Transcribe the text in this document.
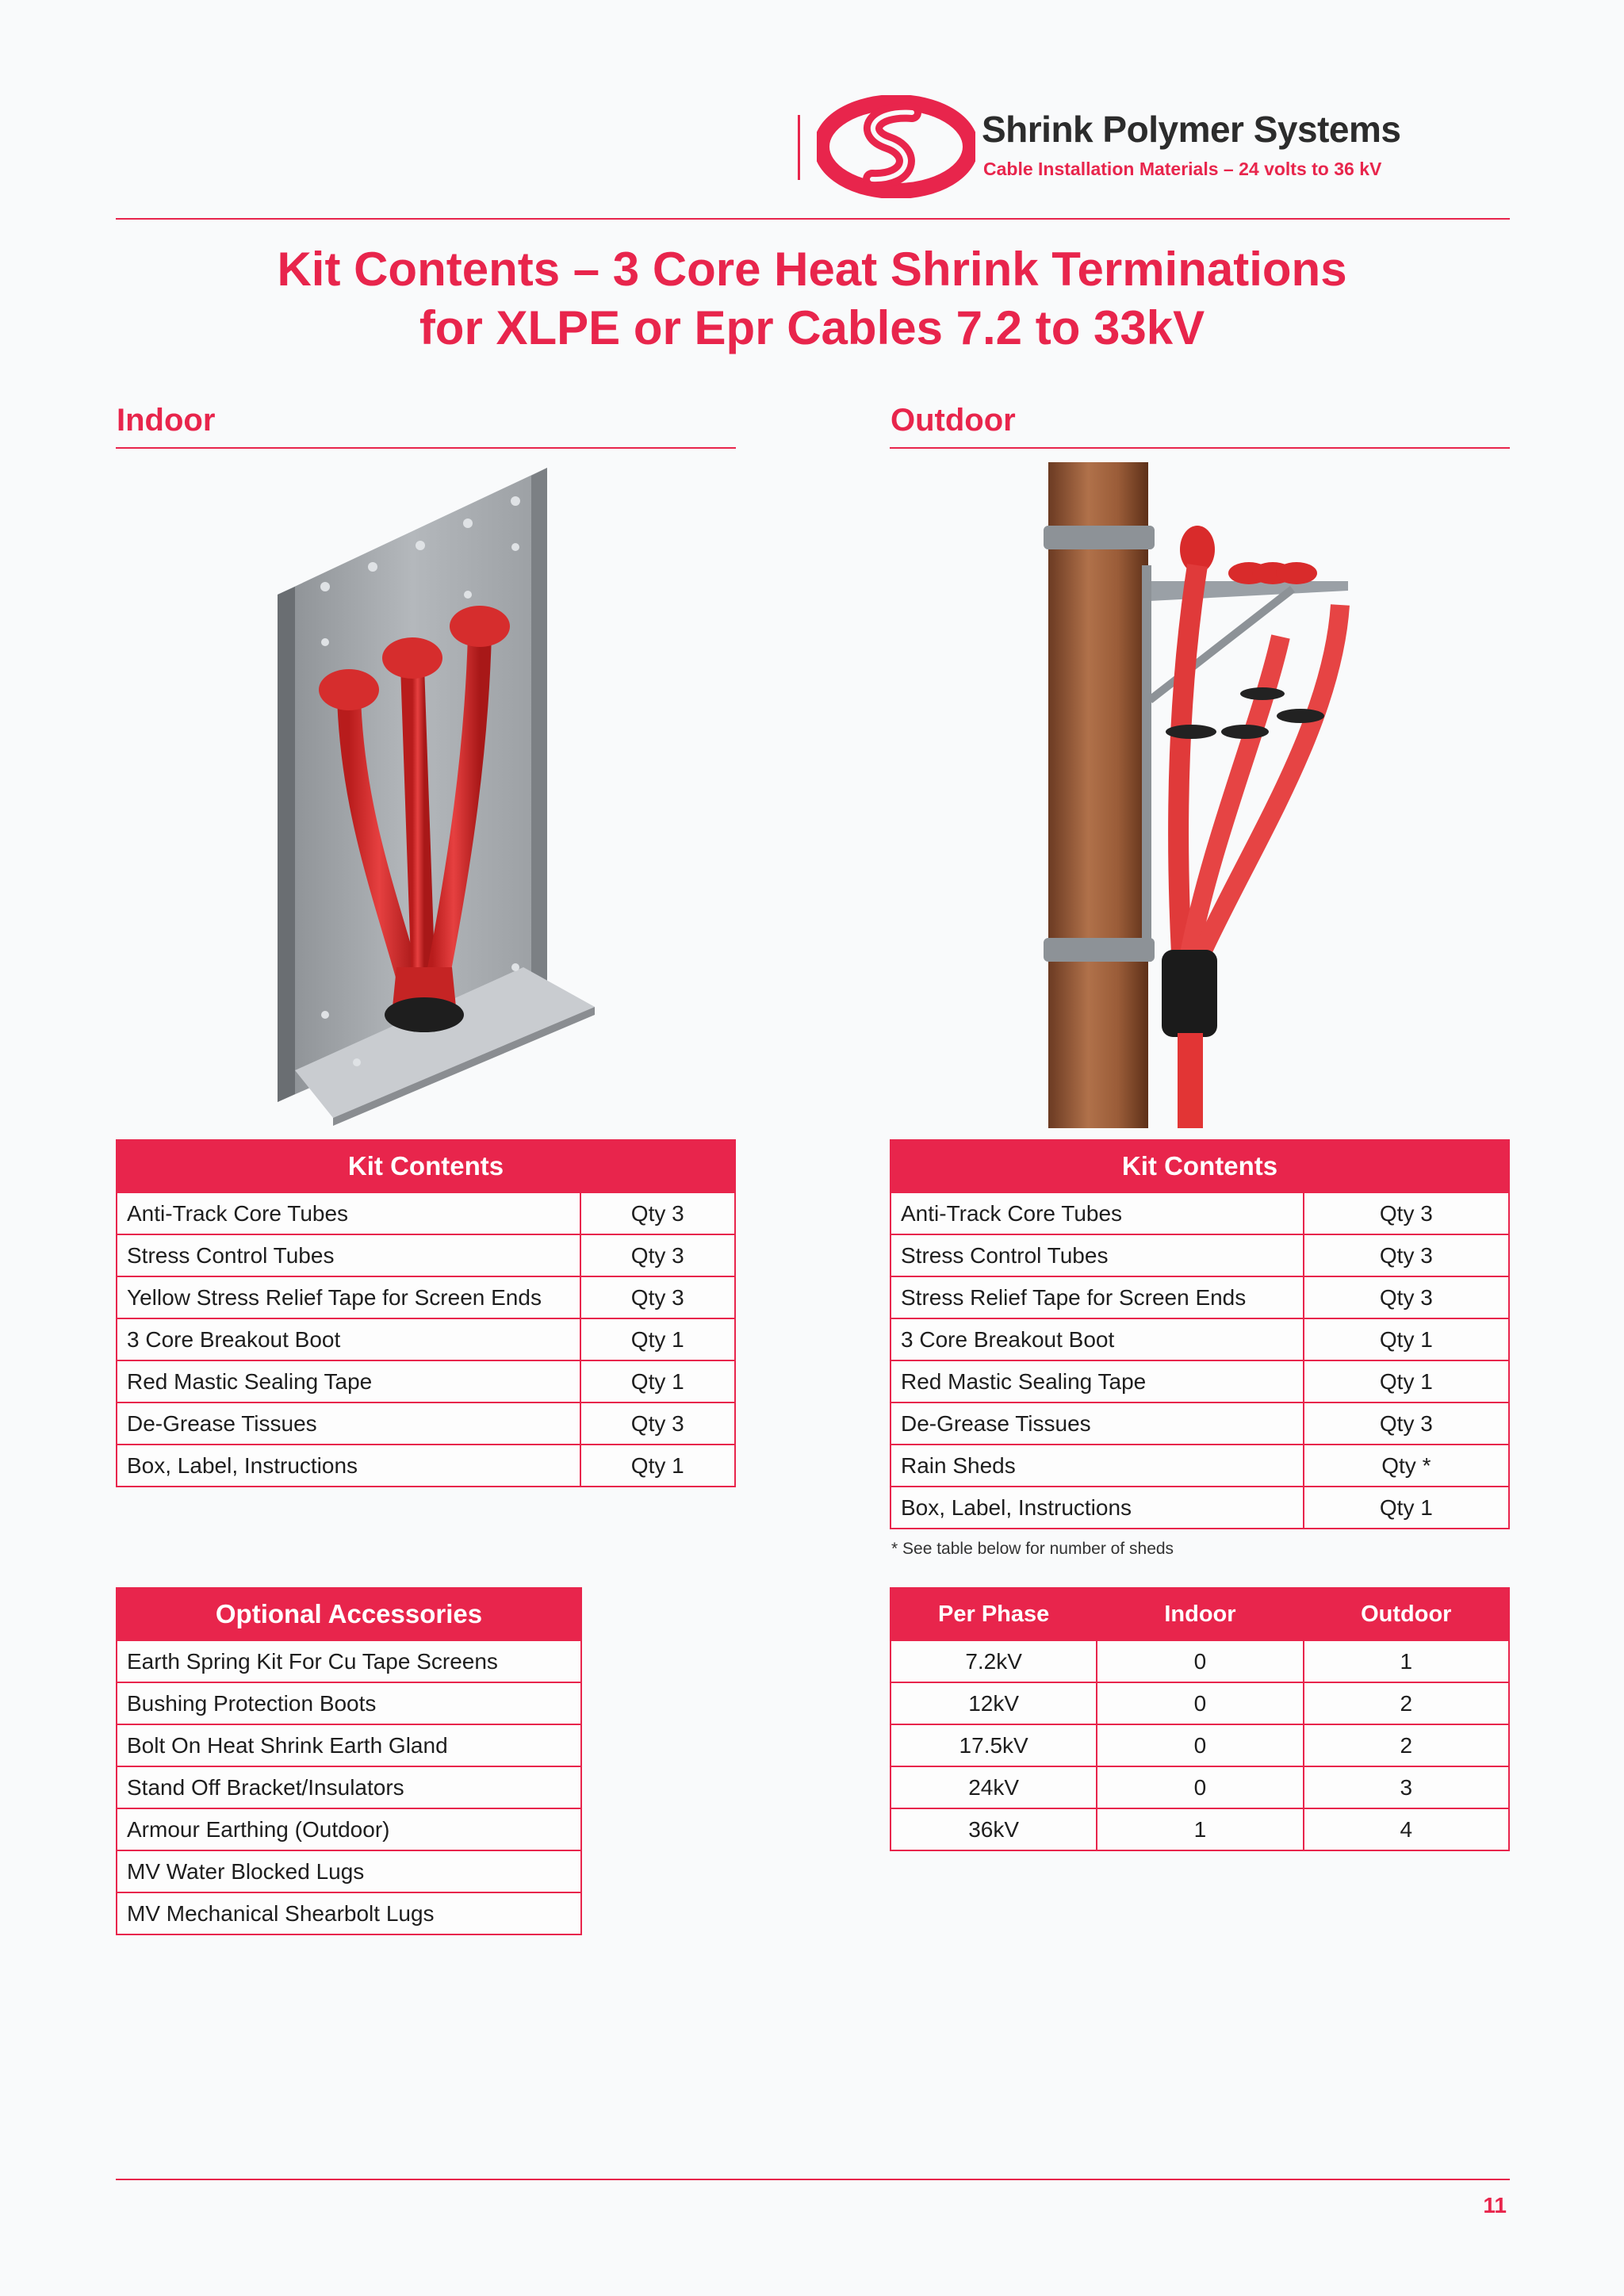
Shrink Polymer Systems
Cable Installation Materials – 24 volts to 36 kV
Kit Contents – 3 Core Heat Shrink Terminations
for XLPE or Epr Cables 7.2 to 33kV
Indoor	Outdoor
Kit Contents	
Anti-Track Core Tubes	Qty 3
Stress Control Tubes	Qty 3
Yellow Stress Relief Tape for Screen Ends	Qty 3
3 Core Breakout Boot	Qty 1
Red Mastic Sealing Tape	Qty 1
De-Grease Tissues	Qty 3
Box, Label, Instructions	Qty 1
Kit Contents	
Anti-Track Core Tubes	Qty 3
Stress Control Tubes	Qty 3
Stress Relief Tape for Screen Ends	Qty 3
3 Core Breakout Boot	Qty 1
Red Mastic Sealing Tape	Qty 1
De-Grease Tissues	Qty 3
Rain Sheds	Qty *
Box, Label, Instructions	Qty 1
* See table below for number of sheds
Optional Accessories
Earth Spring Kit For Cu Tape Screens
Bushing Protection Boots
Bolt On Heat Shrink Earth Gland
Stand Off Bracket/Insulators
Armour Earthing (Outdoor)
MV Water Blocked Lugs
MV Mechanical Shearbolt Lugs
Per Phase	Indoor	Outdoor
7.2kV	0	1
12kV	0	2
17.5kV	0	2
24kV	0	3
36kV	1	4
11
